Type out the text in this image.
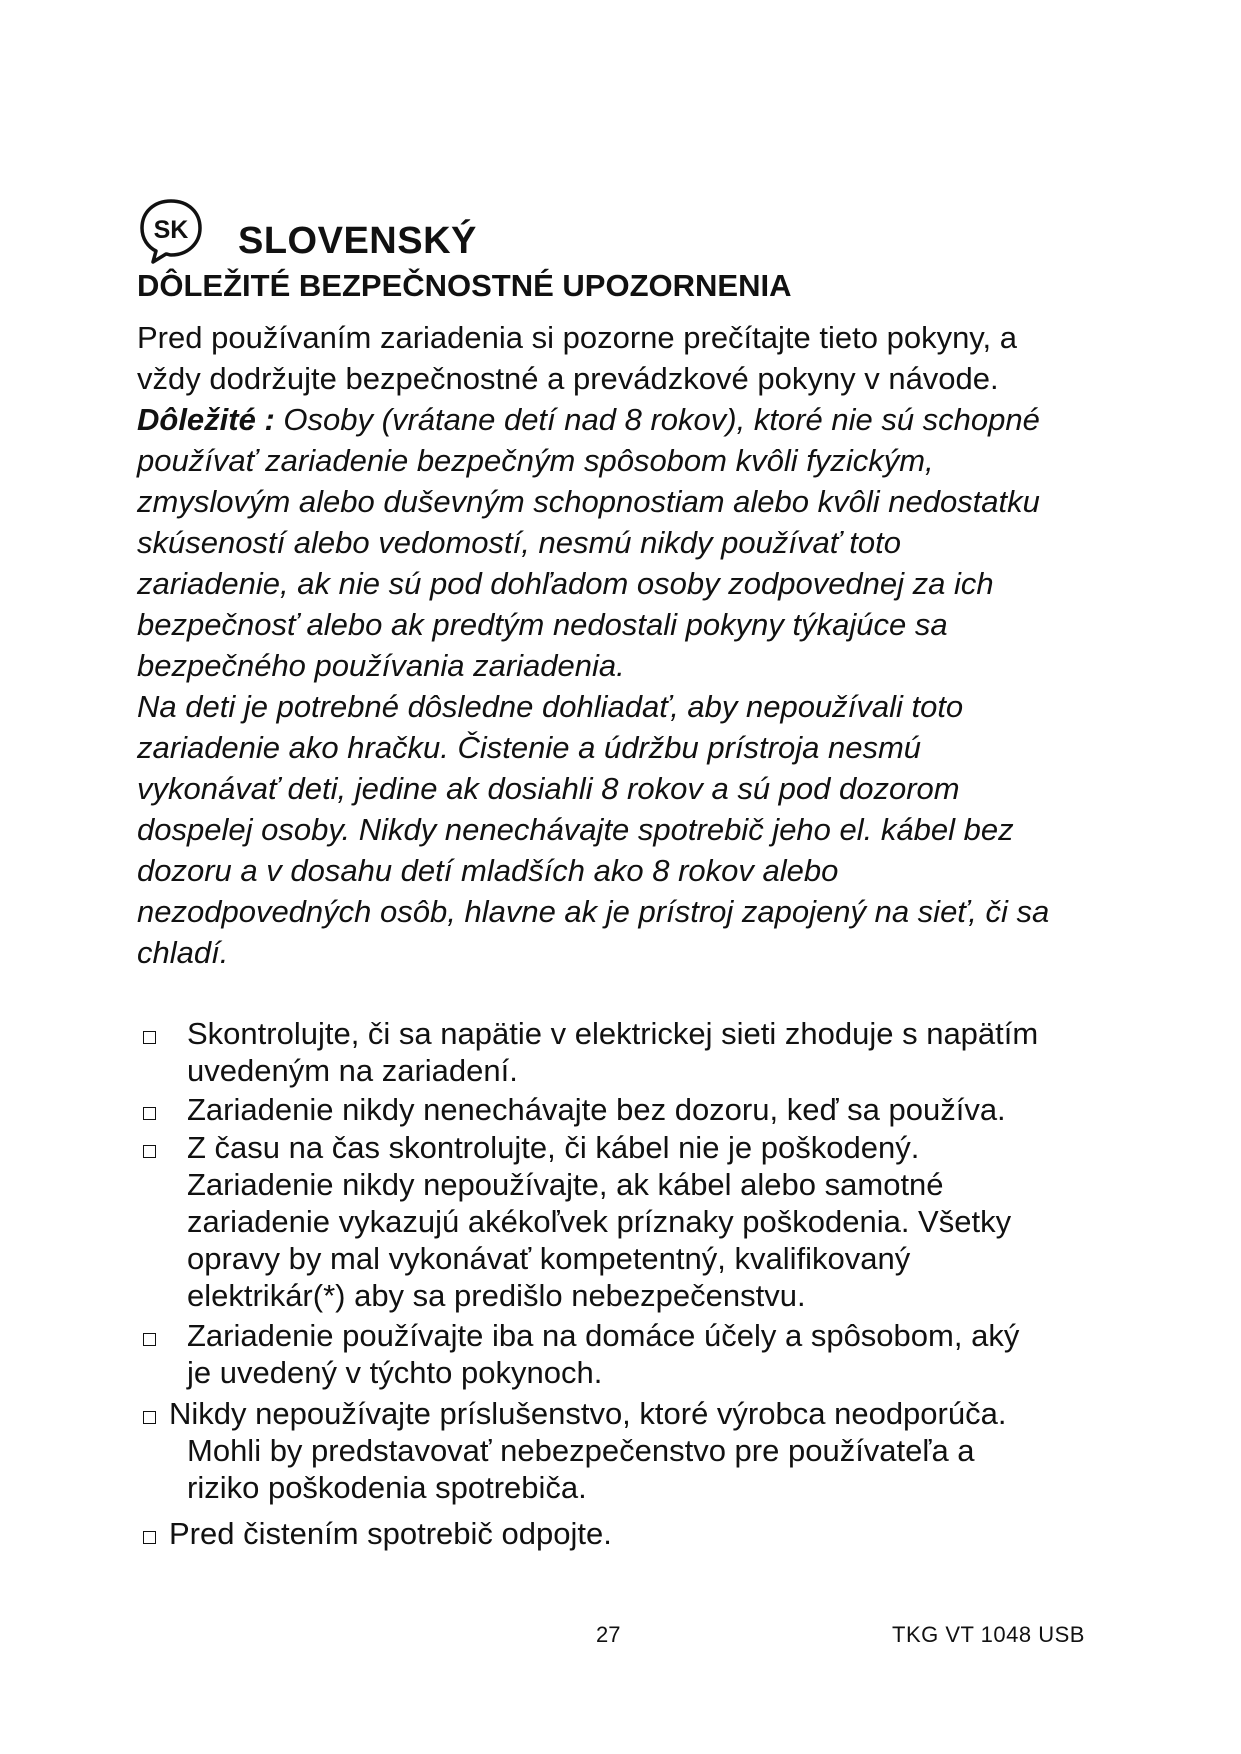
SK SLOVENSKÝ
DÔLEŽITÉ BEZPEČNOSTNÉ UPOZORNENIA
Pred používaním zariadenia si pozorne prečítajte tieto pokyny, a
vždy dodržujte bezpečnostné a prevádzkové pokyny v návode.
Dôležité : Osoby (vrátane detí nad 8 rokov), ktoré nie sú schopné
používať zariadenie bezpečným spôsobom kvôli fyzickým,
zmyslovým alebo duševným schopnostiam alebo kvôli nedostatku
skúseností alebo vedomostí, nesmú nikdy používať toto
zariadenie, ak nie sú pod dohľadom osoby zodpovednej za ich
bezpečnosť alebo ak predtým nedostali pokyny týkajúce sa
bezpečného používania zariadenia.
Na deti je potrebné dôsledne dohliadať, aby nepoužívali toto
zariadenie ako hračku. Čistenie a údržbu prístroja nesmú
vykonávať deti, jedine ak dosiahli 8 rokov a sú pod dozorom
dospelej osoby. Nikdy nenechávajte spotrebič jeho el. kábel bez
dozoru a v dosahu detí mladších ako 8 rokov alebo
nezodpovedných osôb, hlavne ak je prístroj zapojený na sieť, či sa
chladí.
Skontrolujte, či sa napätie v elektrickej sieti zhoduje s napätím
uvedeným na zariadení.
Zariadenie nikdy nenechávajte bez dozoru, keď sa používa.
Z času na čas skontrolujte, či kábel nie je poškodený.
Zariadenie nikdy nepoužívajte, ak kábel alebo samotné
zariadenie vykazujú akékoľvek príznaky poškodenia. Všetky
opravy by mal vykonávať kompetentný, kvalifikovaný
elektrikár(*) aby sa predišlo nebezpečenstvu.
Zariadenie používajte iba na domáce účely a spôsobom, aký
je uvedený v týchto pokynoch.
Nikdy nepoužívajte príslušenstvo, ktoré výrobca neodporúča.
Mohli by predstavovať nebezpečenstvo pre používateľa a
riziko poškodenia spotrebiča.
Pred čistením spotrebič odpojte.
27	TKG VT 1048 USB
